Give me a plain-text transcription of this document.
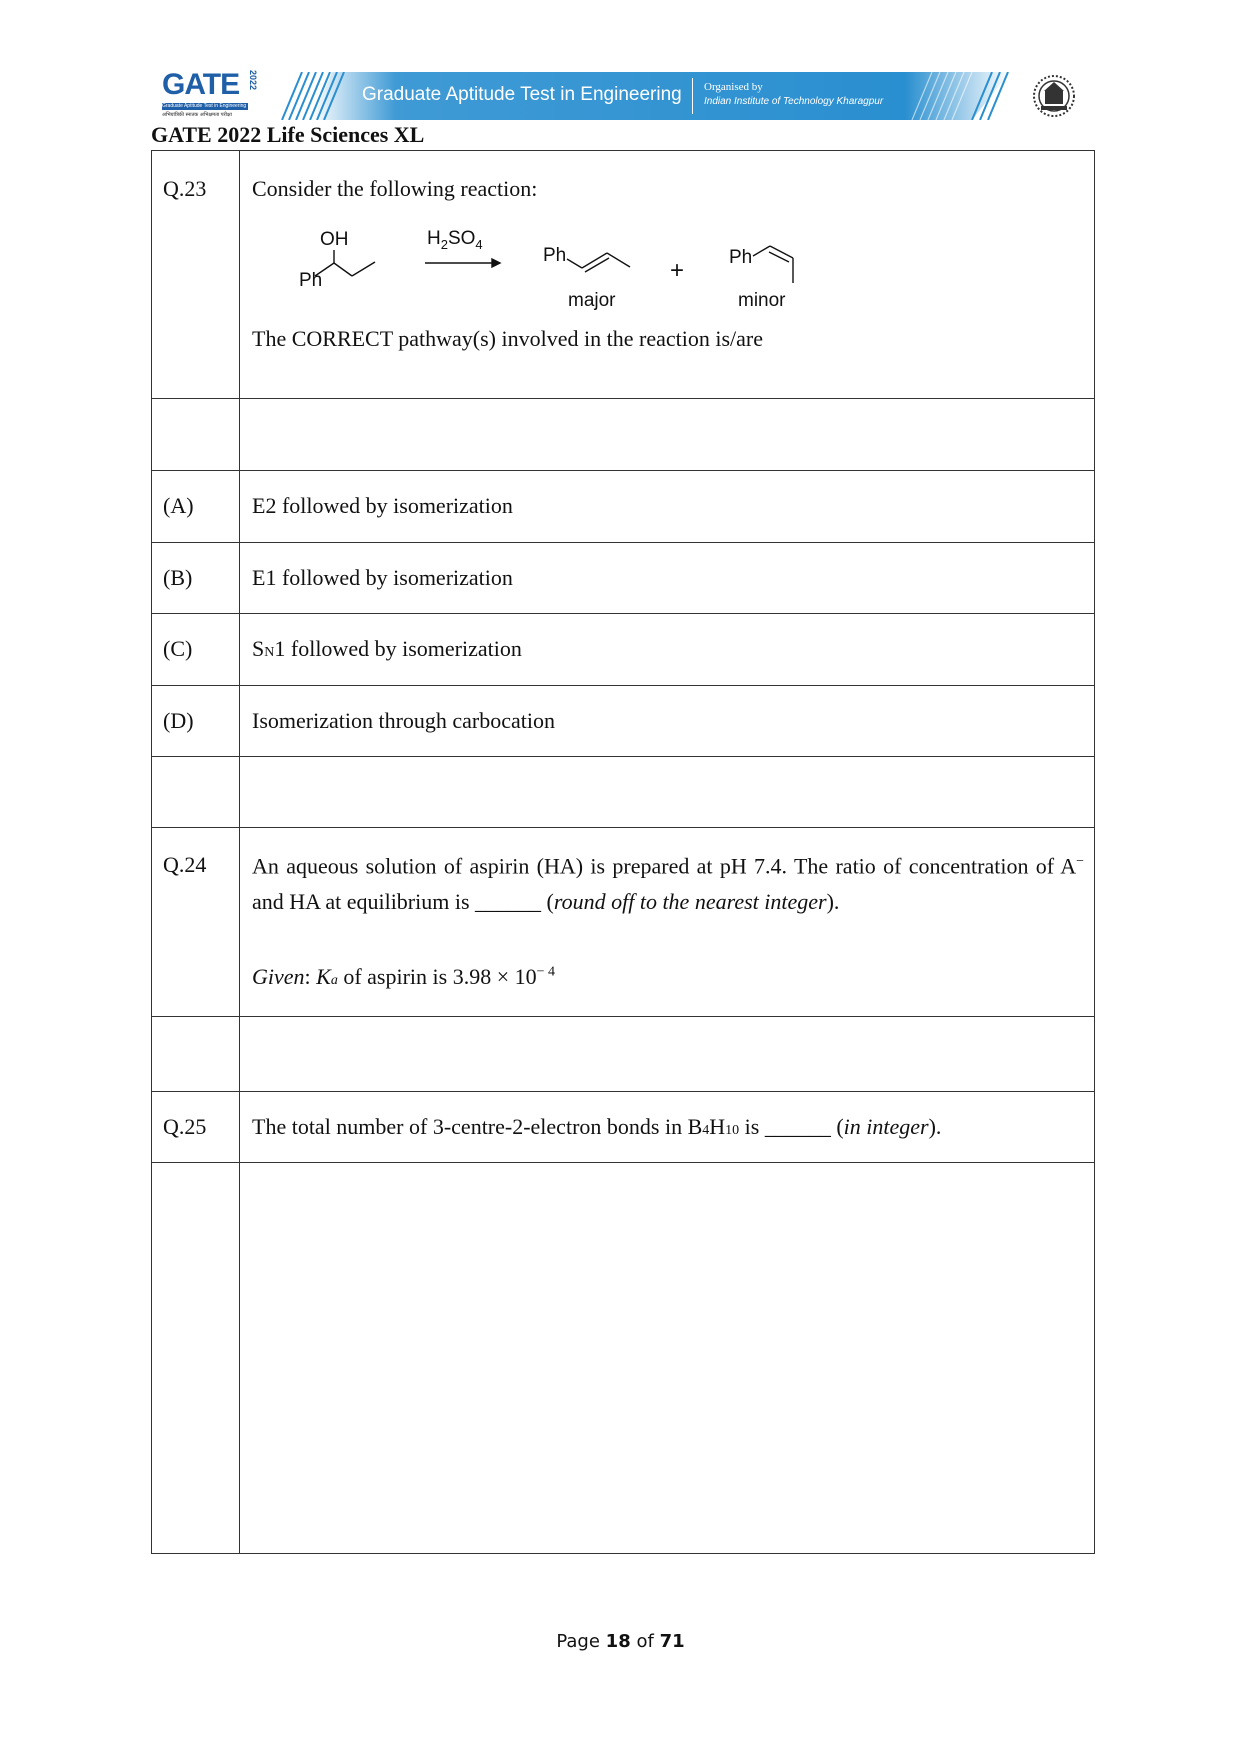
GATE 2022
Graduate Aptitude Test in Engineering
अभियांत्रिकी स्नातक अभिक्षमता परीक्षा
Graduate Aptitude Test in Engineering Organised by
Indian Institute of Technology Kharagpur
GATE 2022 Life Sciences XL
Q.23 Consider the following reaction:
OH
Ph
$H_2SO_4$
Ph
major
+ Ph
minor
The CORRECT pathway(s) involved in the reaction is/are
(A)	E2 followed by isomerization
(B)	E1 followed by isomerization
(C)	SN1 followed by isomerization
(D)	Isomerization through carbocation
Q.24 An aqueous solution of aspirin (HA) is prepared at pH 7.4. The ratio of concentration of A− and HA at equilibrium is ______ (round off to the nearest integer).
Given: Ka of aspirin is $3.98 \times 10^{- 4}$
Q.25 The total number of 3-centre-2-electron bonds in B4H10 is ______ (in integer).
Page 18 of 71
